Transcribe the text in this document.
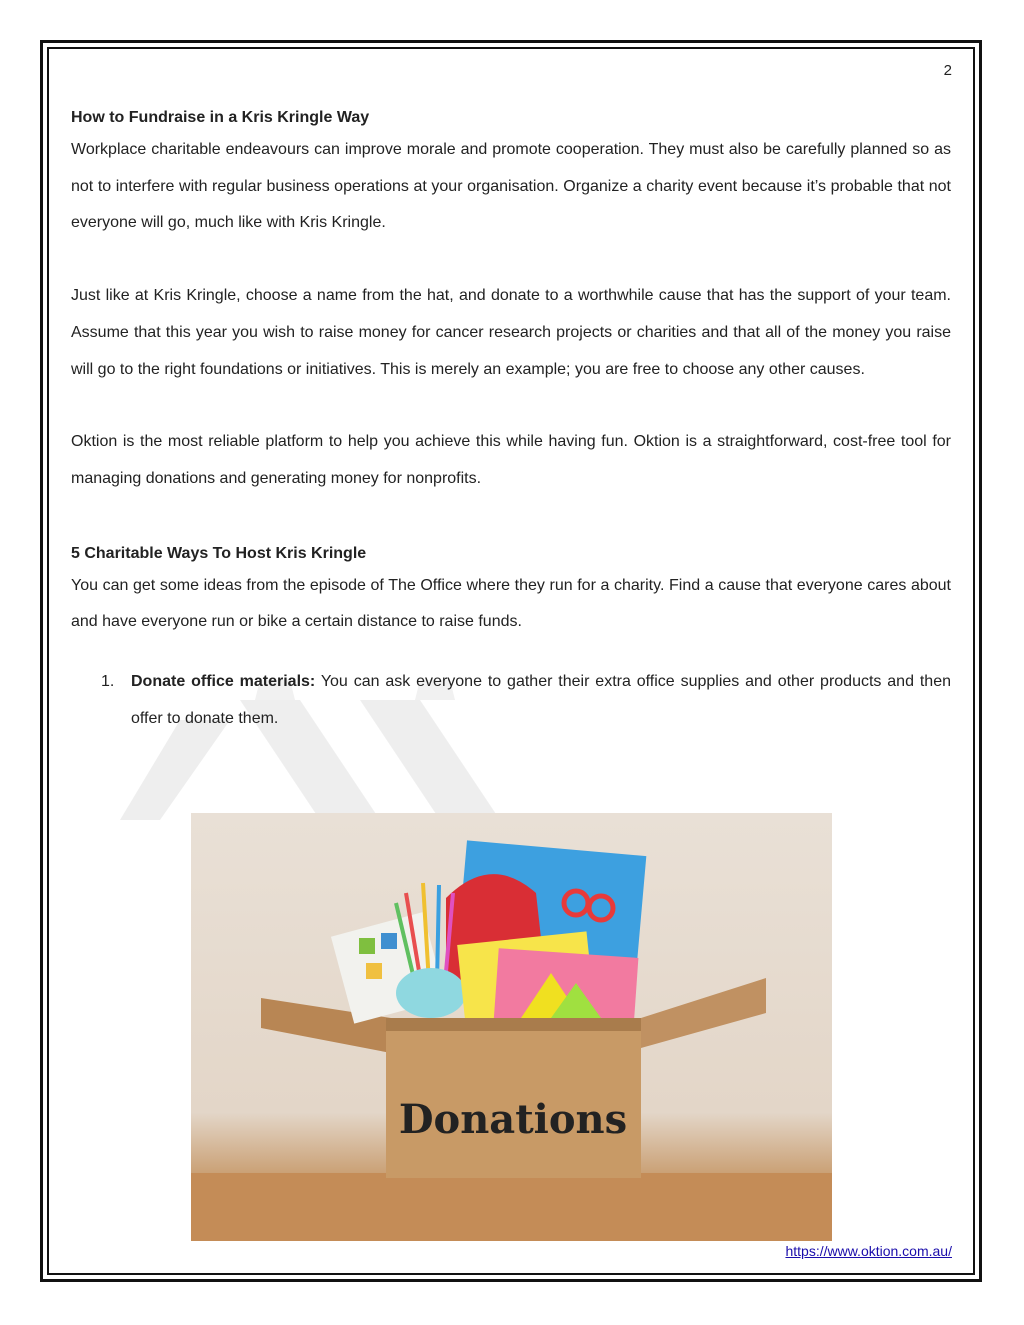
2

How to Fundraise in a Kris Kringle Way

Workplace charitable endeavours can improve morale and promote cooperation. They must also be carefully planned so as not to interfere with regular business operations at your organisation. Organize a charity event because it’s probable that not everyone will go, much like with Kris Kringle.

Just like at Kris Kringle, choose a name from the hat, and donate to a worthwhile cause that has the support of your team. Assume that this year you wish to raise money for cancer research projects or charities and that all of the money you raise will go to the right foundations or initiatives. This is merely an example; you are free to choose any other causes.

Oktion is the most reliable platform to help you achieve this while having fun. Oktion is a straightforward, cost-free tool for managing donations and generating money for nonprofits.

5 Charitable Ways To Host Kris Kringle

You can get some ideas from the episode of The Office where they run for a charity. Find a cause that everyone cares about and have everyone run or bike a certain distance to raise funds.

1. Donate office materials: You can ask everyone to gather their extra office supplies and other products and then offer to donate them.
Donations
https://www.oktion.com.au/
